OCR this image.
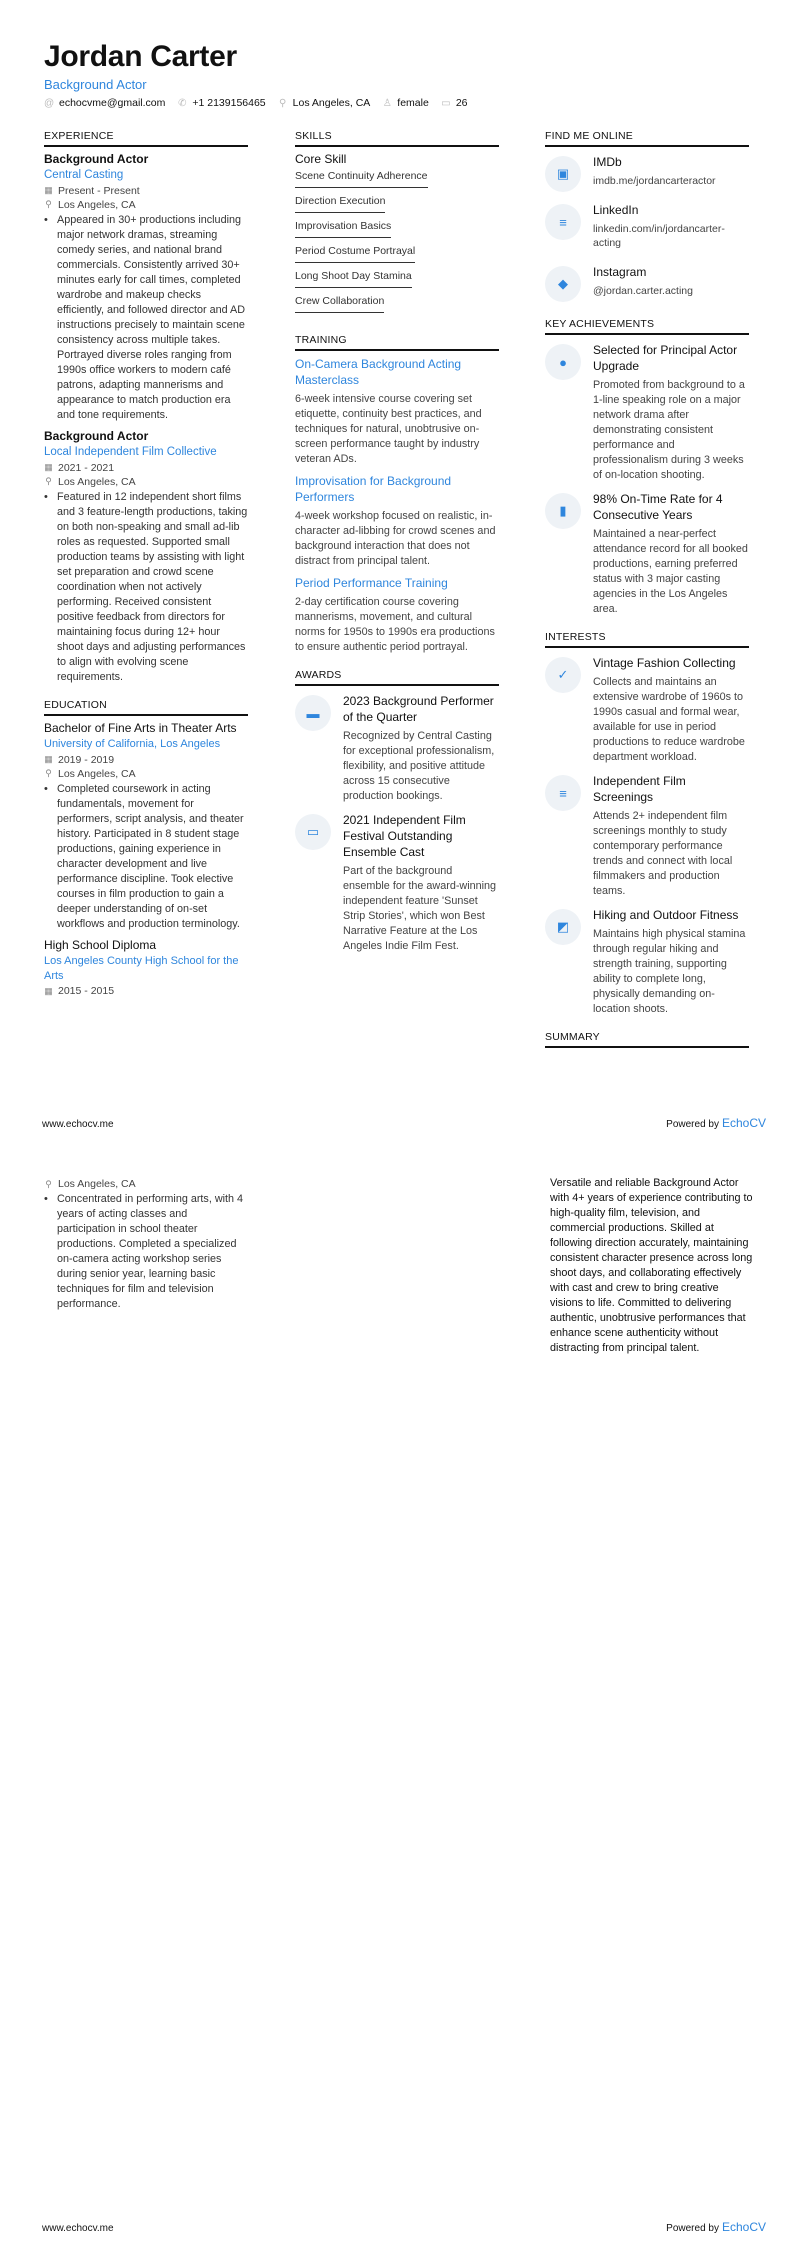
Jordan Carter
Background Actor
@ echocvme@gmail.com ✆ +1 2139156465 ⚲ Los Angeles, CA ♙ female ▭ 26
EXPERIENCE
Background Actor
Central Casting
▦ Present - Present
⚲ Los Angeles, CA
• Appeared in 30+ productions including major network dramas, streaming comedy series, and national brand commercials. Consistently arrived 30+ minutes early for call times, completed wardrobe and makeup checks efficiently, and followed director and AD instructions precisely to maintain scene consistency across multiple takes. Portrayed diverse roles ranging from 1990s office workers to modern café patrons, adapting mannerisms and appearance to match production era and tone requirements.
Background Actor
Local Independent Film Collective
▦ 2021 - 2021
⚲ Los Angeles, CA
• Featured in 12 independent short films and 3 feature-length productions, taking on both non-speaking and small ad-lib roles as requested. Supported small production teams by assisting with light set preparation and crowd scene coordination when not actively performing. Received consistent positive feedback from directors for maintaining focus during 12+ hour shoot days and adjusting performances to align with evolving scene requirements.
EDUCATION
Bachelor of Fine Arts in Theater Arts
University of California, Los Angeles
▦ 2019 - 2019
⚲ Los Angeles, CA
• Completed coursework in acting fundamentals, movement for performers, script analysis, and theater history. Participated in 8 student stage productions, gaining experience in character development and live performance discipline. Took elective courses in film production to gain a deeper understanding of on-set workflows and production terminology.
High School Diploma
Los Angeles County High School for the Arts
▦ 2015 - 2015
SKILLS
Core Skill
Scene Continuity Adherence
Direction Execution
Improvisation Basics
Period Costume Portrayal
Long Shoot Day Stamina
Crew Collaboration
TRAINING
On-Camera Background Acting Masterclass
6-week intensive course covering set etiquette, continuity best practices, and techniques for natural, unobtrusive on-screen performance taught by industry veteran ADs.
Improvisation for Background Performers
4-week workshop focused on realistic, in-character ad-libbing for crowd scenes and background interaction that does not distract from principal talent.
Period Performance Training
2-day certification course covering mannerisms, movement, and cultural norms for 1950s to 1990s era productions to ensure authentic period portrayal.
AWARDS
▬
2023 Background Performer of the Quarter
Recognized by Central Casting for exceptional professionalism, flexibility, and positive attitude across 15 consecutive production bookings.
▭
2021 Independent Film Festival Outstanding Ensemble Cast
Part of the background ensemble for the award-winning independent feature 'Sunset Strip Stories', which won Best Narrative Feature at the Los Angeles Indie Film Fest.
FIND ME ONLINE
▣
IMDb
imdb.me/jordancarteractor
≡
LinkedIn
linkedin.com/in/jordancarter-acting
◆
Instagram
@jordan.carter.acting
KEY ACHIEVEMENTS
●
Selected for Principal Actor Upgrade
Promoted from background to a 1-line speaking role on a major network drama after demonstrating consistent performance and professionalism during 3 weeks of on-location shooting.
▮
98% On-Time Rate for 4 Consecutive Years
Maintained a near-perfect attendance record for all booked productions, earning preferred status with 3 major casting agencies in the Los Angeles area.
INTERESTS
✓
Vintage Fashion Collecting
Collects and maintains an extensive wardrobe of 1960s to 1990s casual and formal wear, available for use in period productions to reduce wardrobe department workload.
≡
Independent Film Screenings
Attends 2+ independent film screenings monthly to study contemporary performance trends and connect with local filmmakers and production teams.
◩
Hiking and Outdoor Fitness
Maintains high physical stamina through regular hiking and strength training, supporting ability to complete long, physically demanding on-location shoots.
SUMMARY
www.echocv.me	Powered by EchoCV
⚲ Los Angeles, CA
• Concentrated in performing arts, with 4 years of acting classes and participation in school theater productions. Completed a specialized on-camera acting workshop series during senior year, learning basic techniques for film and television performance.
Versatile and reliable Background Actor with 4+ years of experience contributing to high-quality film, television, and commercial productions. Skilled at following direction accurately, maintaining consistent character presence across long shoot days, and collaborating effectively with cast and crew to bring creative visions to life. Committed to delivering authentic, unobtrusive performances that enhance scene authenticity without distracting from principal talent.
www.echocv.me	Powered by EchoCV
